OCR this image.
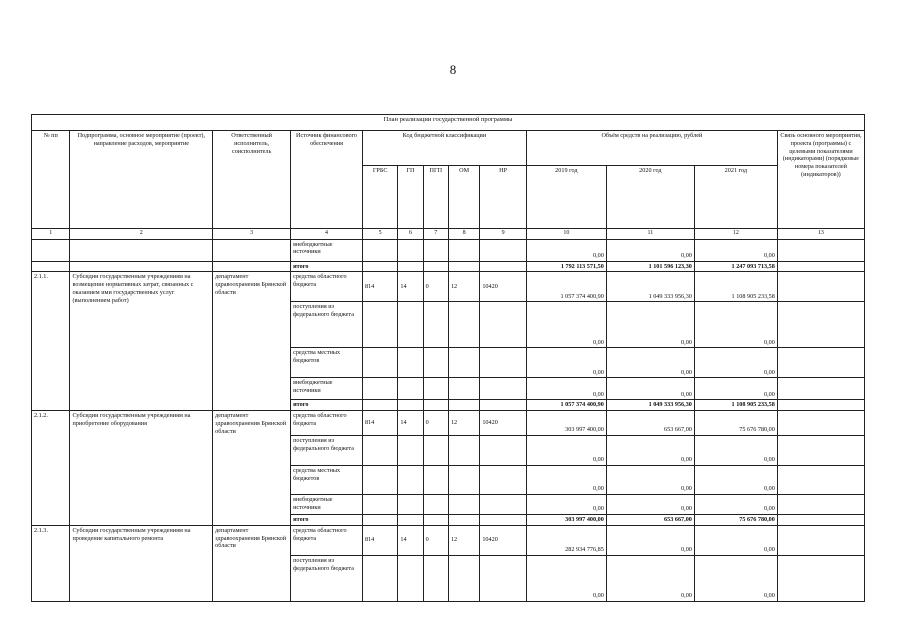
8
План реализации государственной программы												
№ пп	Подпрограмма, основное мероприятие (проект), направление расходов, мероприятие	Ответственный исполнитель, соисполнитель	Источник финансового обеспечения	Код бюджетной классификации					Объём средств на реализацию, рублей			Связь основного мероприятия, проекта (программы) с целевыми показателями (индикаторами) (порядковые номера показателей (индикаторов))
				ГРБС	ГП	ПГП	ОМ	НР	2019 год	2020 год	2021 год	
1	2	3	4	5	6	7	8	9	10	11	12	13
			внебюджетные источники						0,00	0,00	0,00	
			итого						1 792 113 571,50	1 101 596 123,30	1 247 093 713,58	
2.1.1.	Субсидии государственным учреждениям на возмещение нормативных затрат, связанных с оказанием ими государственных услуг (выполнением работ)	департамент здравоохранения Брянской области	средства областного бюджета	814	14	0	12	10420	1 057 374 400,90	1 049 333 956,30	1 108 905 233,58	
			поступления из федерального бюджета						0,00	0,00	0,00	
			средства местных бюджетов						0,00	0,00	0,00	
			внебюджетные источники						0,00	0,00	0,00	
			итого						1 057 374 400,90	1 049 333 956,30	1 108 905 233,58	
2.1.2.	Субсидии государственным учреждениям на приобретение оборудования	департамент здравоохранения Брянской области	средства областного бюджета	814	14	0	12	10420	303 997 400,00	653 667,00	75 676 780,00	
			поступления из федерального бюджета						0,00	0,00	0,00	
			средства местных бюджетов						0,00	0,00	0,00	
			внебюджетные источники						0,00	0,00	0,00	
			итого						303 997 400,00	653 667,00	75 676 780,00	
2.1.3.	Субсидии государственным учреждениям на проведение капитального ремонта	департамент здравоохранения Брянской области	средства областного бюджета	814	14	0	12	10420	282 934 776,85	0,00	0,00	
			поступления из федерального бюджета						0,00	0,00	0,00	
